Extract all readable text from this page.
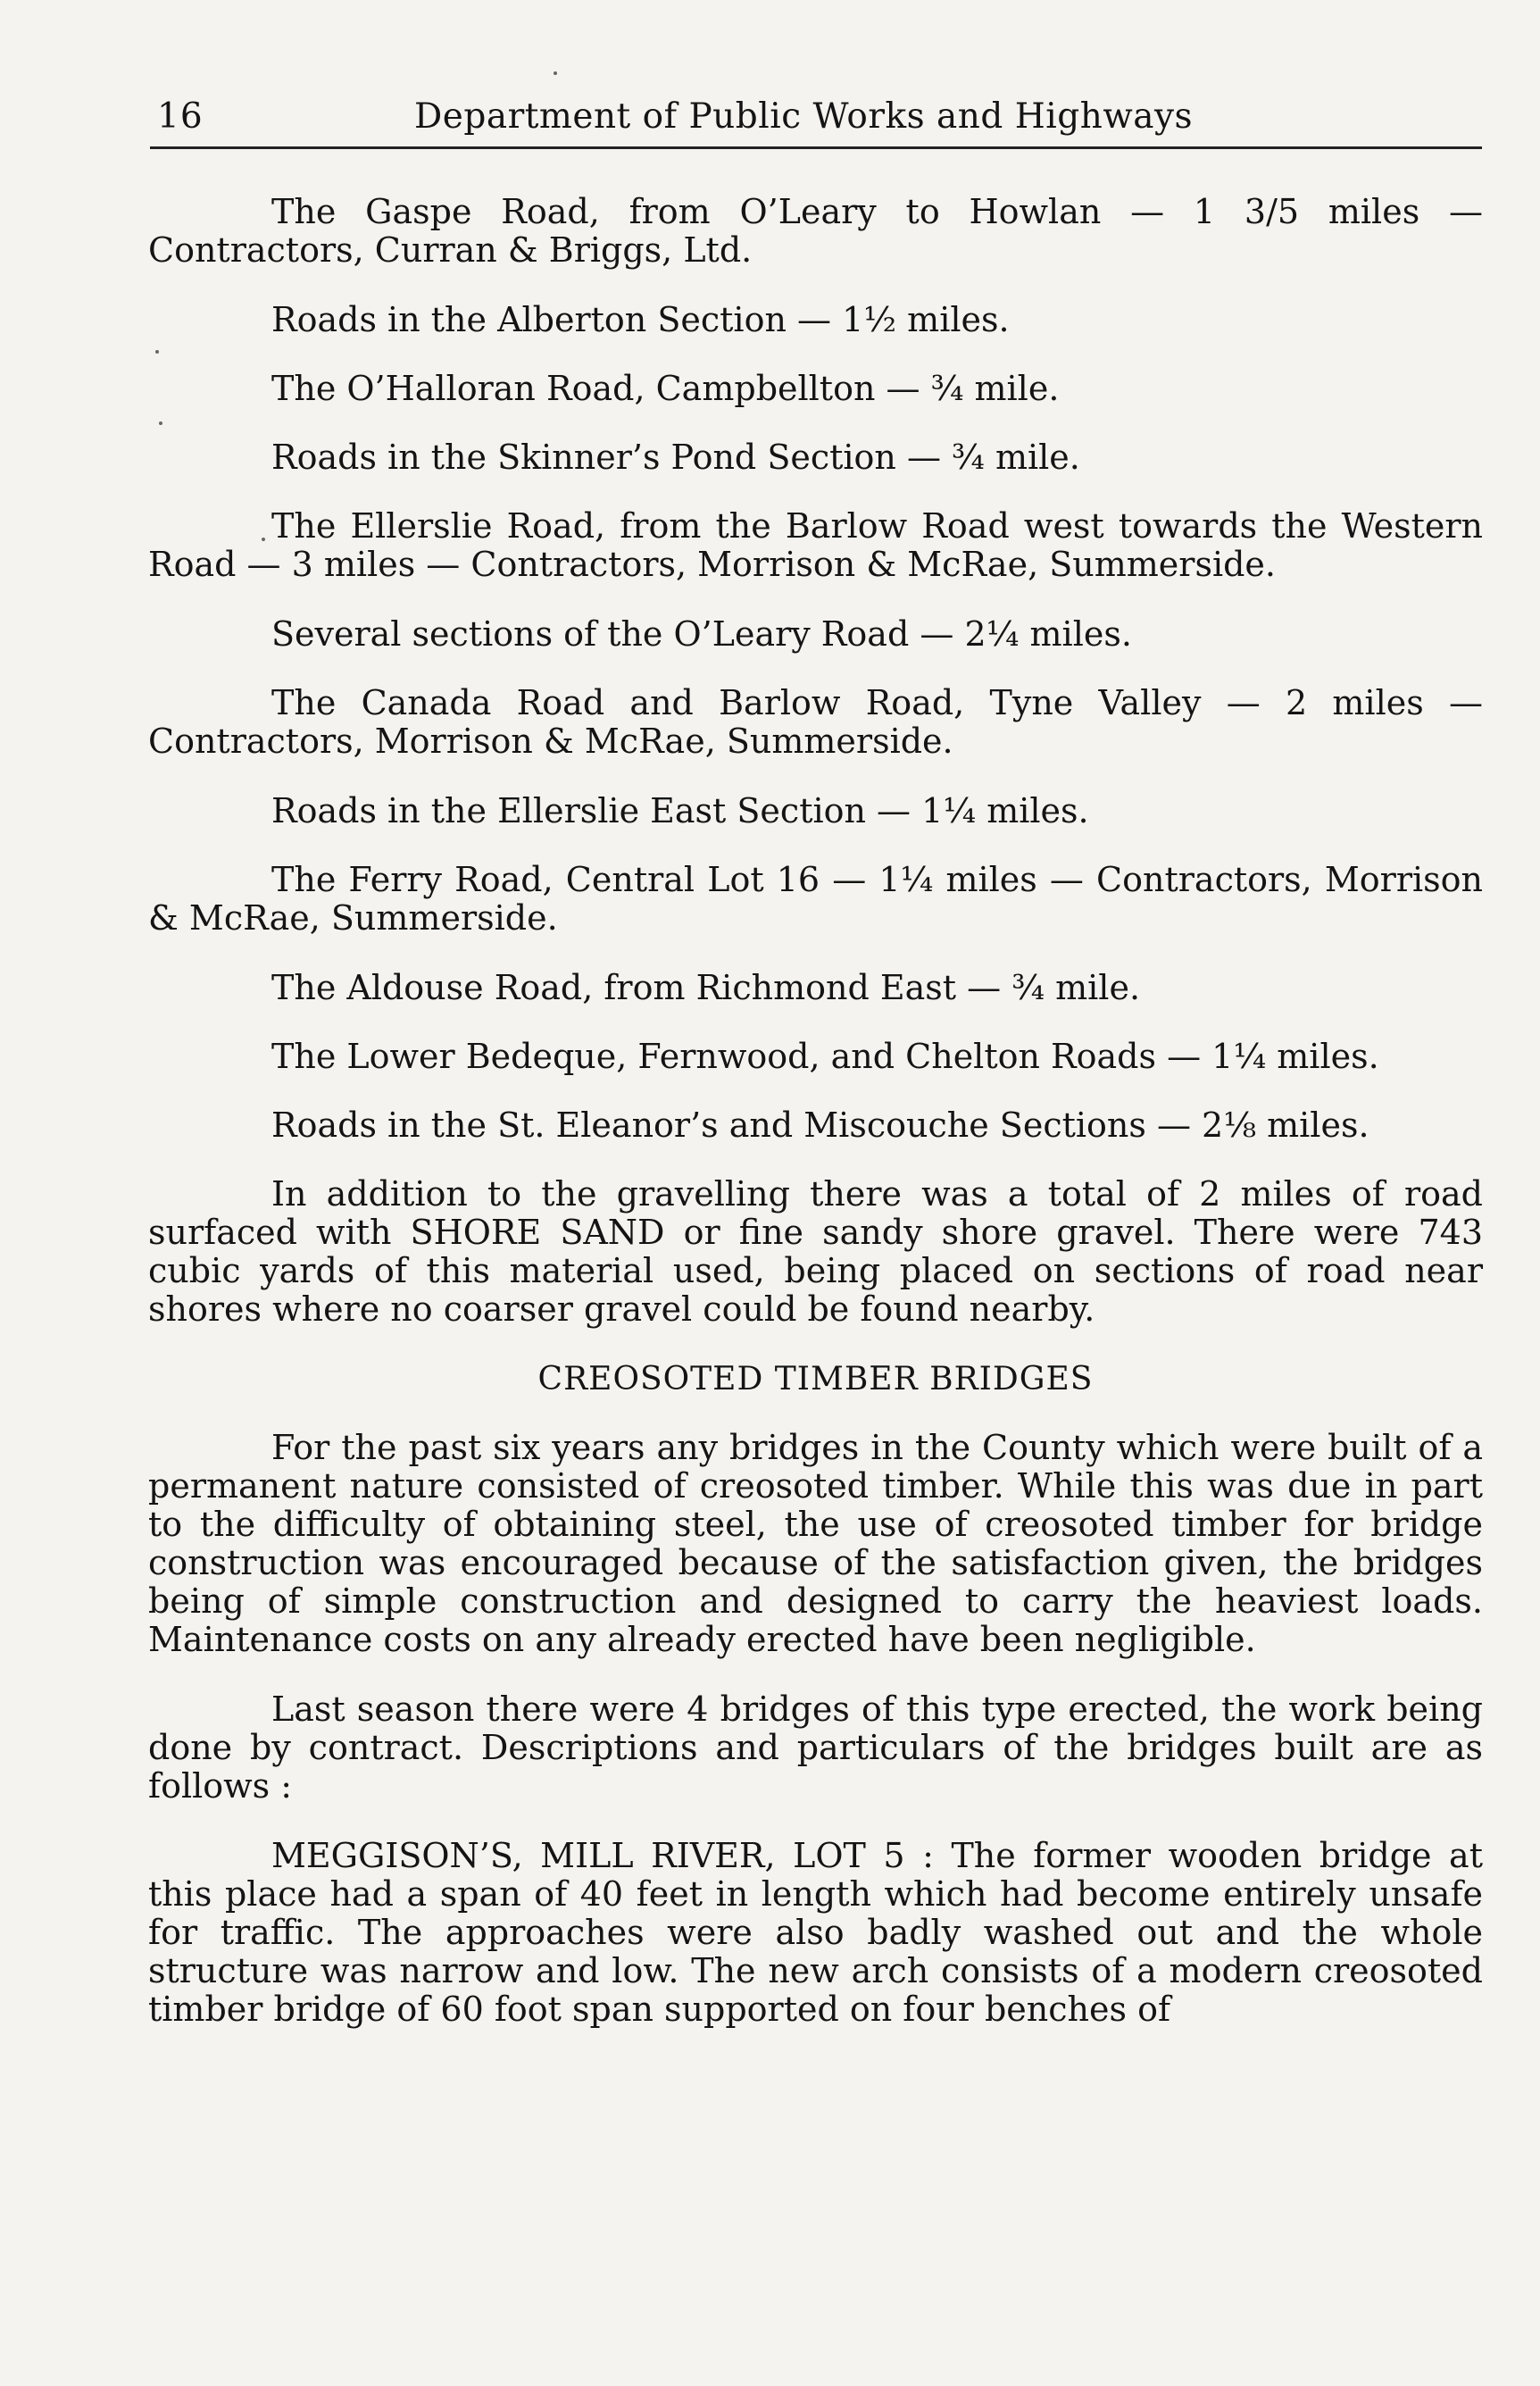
16	Department of Public Works and Highways

The Gaspe Road, from O’Leary to Howlan — 1 3/5 miles — Contractors, Curran & Briggs, Ltd.

Roads in the Alberton Section — 1½ miles.

The O’Halloran Road, Campbellton — ¾ mile.

Roads in the Skinner’s Pond Section — ¾ mile.

The Ellerslie Road, from the Barlow Road west towards the Western Road — 3 miles — Contractors, Morrison & McRae, Summerside.

Several sections of the O’Leary Road — 2¼ miles.

The Canada Road and Barlow Road, Tyne Valley — 2 miles — Contractors, Morrison & McRae, Summerside.

Roads in the Ellerslie East Section — 1¼ miles.

The Ferry Road, Central Lot 16 — 1¼ miles — Contractors, Morrison & McRae, Summerside.

The Aldouse Road, from Richmond East — ¾ mile.

The Lower Bedeque, Fernwood, and Chelton Roads — 1¼ miles.

Roads in the St. Eleanor’s and Miscouche Sections — 2⅛ miles.

In addition to the gravelling there was a total of 2 miles of road surfaced with SHORE SAND or fine sandy shore gravel. There were 743 cubic yards of this material used, being placed on sections of road near shores where no coarser gravel could be found nearby.

CREOSOTED TIMBER BRIDGES

For the past six years any bridges in the County which were built of a permanent nature consisted of creosoted timber. While this was due in part to the difficulty of obtaining steel, the use of creosoted timber for bridge construction was encouraged because of the satisfaction given, the bridges being of simple construction and designed to carry the heaviest loads. Maintenance costs on any already erected have been negligible.

Last season there were 4 bridges of this type erected, the work being done by contract. Descriptions and particulars of the bridges built are as follows :

MEGGISON’S, MILL RIVER, LOT 5 : The former wooden bridge at this place had a span of 40 feet in length which had become entirely unsafe for traffic. The approaches were also badly washed out and the whole structure was narrow and low. The new arch consists of a modern creosoted timber bridge of 60 foot span supported on four benches of
